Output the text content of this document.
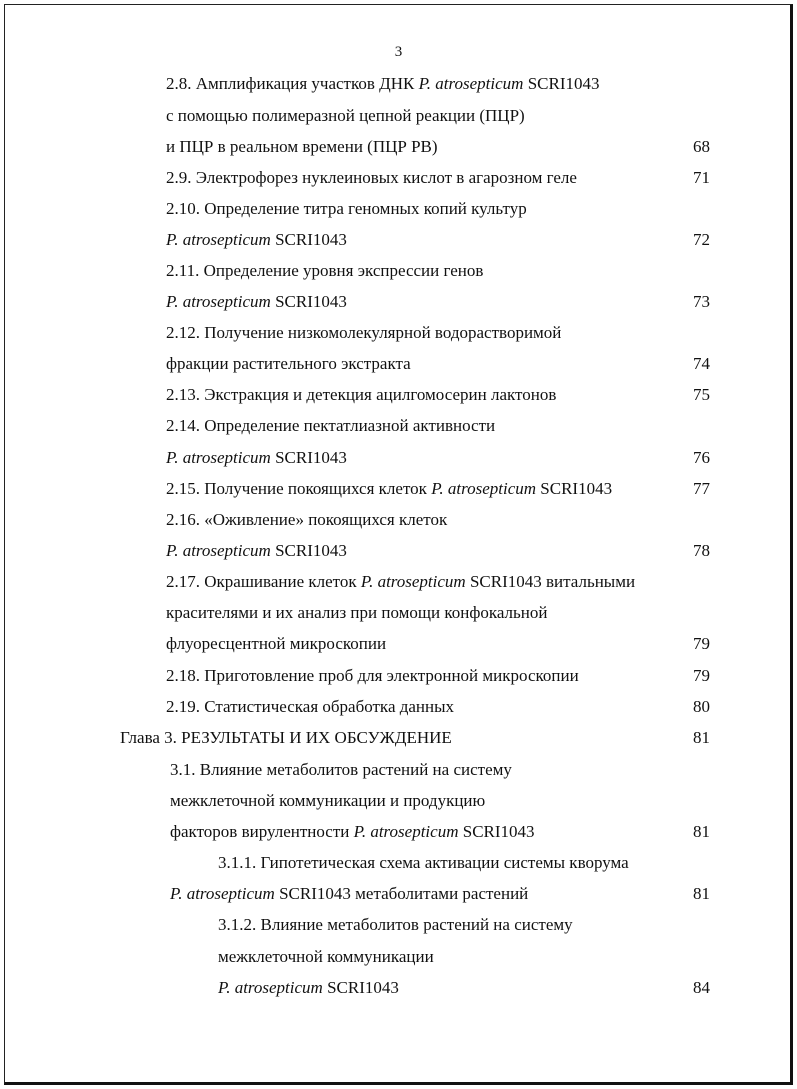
3
2.8. Амплификация участков ДНК P. atrosepticum SCRI1043
с помощью полимеразной цепной реакции (ПЦР)
и ПЦР в реальном времени (ПЦР РВ)	68
2.9. Электрофорез нуклеиновых кислот в агарозном геле	71
2.10. Определение титра геномных копий культур
P. atrosepticum SCRI1043	72
2.11. Определение уровня экспрессии генов
P. atrosepticum SCRI1043	73
2.12. Получение низкомолекулярной водорастворимой
фракции растительного экстракта	74
2.13. Экстракция и детекция ацилгомосерин лактонов	75
2.14. Определение пектатлиазной активности
P. atrosepticum SCRI1043	76
2.15. Получение покоящихся клеток P. atrosepticum SCRI1043	77
2.16. «Оживление» покоящихся клеток
P. atrosepticum SCRI1043	78
2.17. Окрашивание клеток P. atrosepticum SCRI1043 витальными
красителями и их анализ при помощи конфокальной
флуоресцентной микроскопии	79
2.18. Приготовление проб для электронной микроскопии	79
2.19. Статистическая обработка данных	80
Глава 3. РЕЗУЛЬТАТЫ И ИХ ОБСУЖДЕНИЕ	81
3.1. Влияние метаболитов растений на систему
межклеточной коммуникации и продукцию
факторов вирулентности P. atrosepticum SCRI1043	81
3.1.1. Гипотетическая схема активации системы кворума
P. atrosepticum SCRI1043 метаболитами растений	81
3.1.2. Влияние метаболитов растений на систему
межклеточной коммуникации
P. atrosepticum SCRI1043	84
